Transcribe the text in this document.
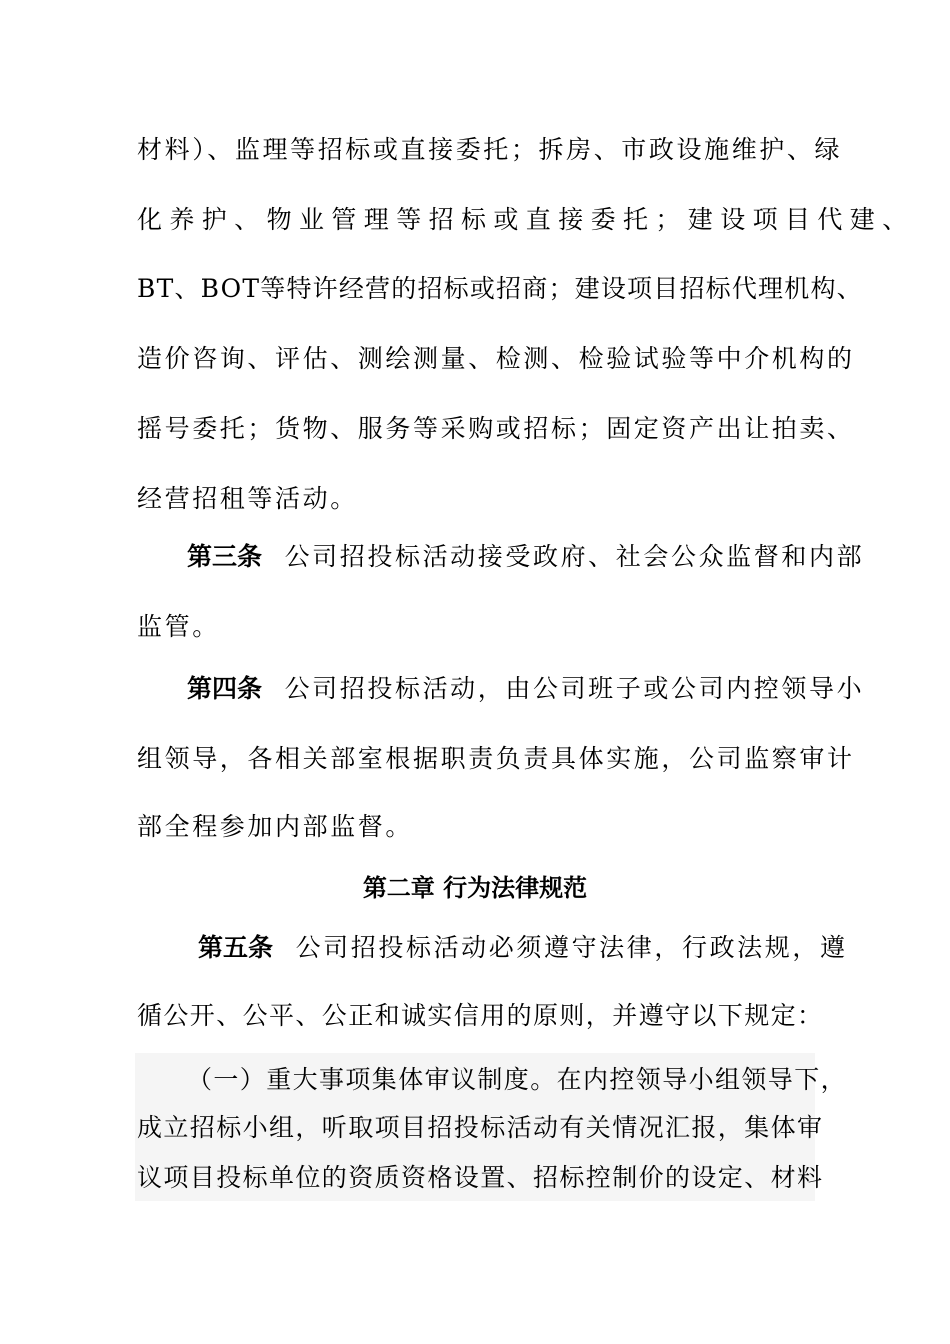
材料）、监理等招标或直接委托；拆房、市政设施维护、绿
化养护、物业管理等招标或直接委托；建设项目代建、
BT、BOT等特许经营的招标或招商；建设项目招标代理机构、
造价咨询、评估、测绘测量、检测、检验试验等中介机构的
摇号委托；货物、服务等采购或招标；固定资产出让拍卖、
经营招租等活动。
第三条 公司招投标活动接受政府、社会公众监督和内部
监管。
第四条 公司招投标活动，由公司班子或公司内控领导小
组领导，各相关部室根据职责负责具体实施，公司监察审计
部全程参加内部监督。
第二章 行为法律规范
第五条 公司招投标活动必须遵守法律，行政法规，遵
循公开、公平、公正和诚实信用的原则，并遵守以下规定：
（一）重大事项集体审议制度。在内控领导小组领导下，
成立招标小组，听取项目招投标活动有关情况汇报，集体审
议项目投标单位的资质资格设置、招标控制价的设定、材料
